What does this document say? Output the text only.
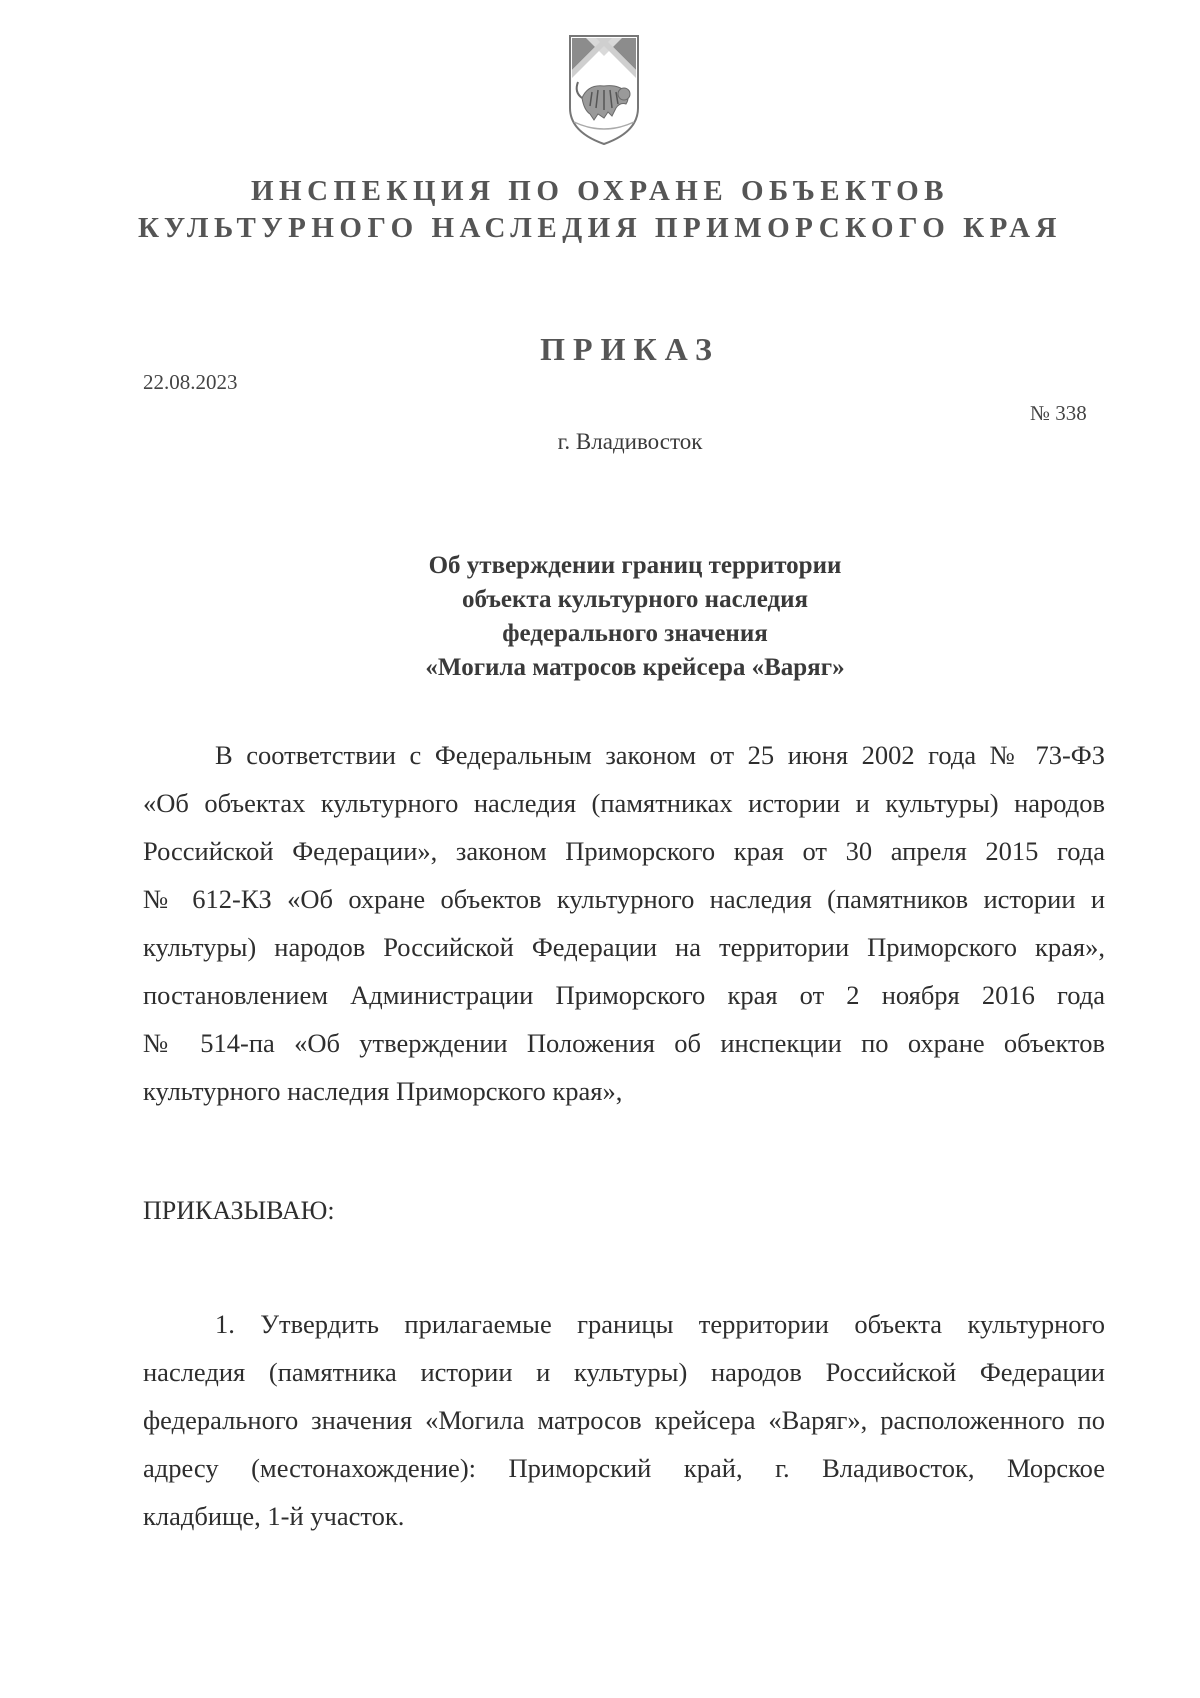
ИНСПЕКЦИЯ ПО ОХРАНЕ ОБЪЕКТОВ
КУЛЬТУРНОГО НАСЛЕДИЯ ПРИМОРСКОГО КРАЯ
ПРИКАЗ
22.08.2023
№ 338
г. Владивосток
Об утверждении границ территории
объекта культурного наследия
федерального значения
«Могила матросов крейсера «Варяг»
В соответствии с Федеральным законом от 25 июня 2002 года № 73-ФЗ
«Об объектах культурного наследия (памятниках истории и культуры) народов
Российской Федерации», законом Приморского края от 30 апреля 2015 года
№ 612-КЗ «Об охране объектов культурного наследия (памятников истории и
культуры) народов Российской Федерации на территории Приморского края»,
постановлением Администрации Приморского края от 2 ноября 2016 года
№ 514-па «Об утверждении Положения об инспекции по охране объектов
культурного наследия Приморского края»,
ПРИКАЗЫВАЮ:
1. Утвердить прилагаемые границы территории объекта культурного
наследия (памятника истории и культуры) народов Российской Федерации
федерального значения «Могила матросов крейсера «Варяг», расположенного по
адресу (местонахождение): Приморский край, г. Владивосток, Морское
кладбище, 1-й участок.
